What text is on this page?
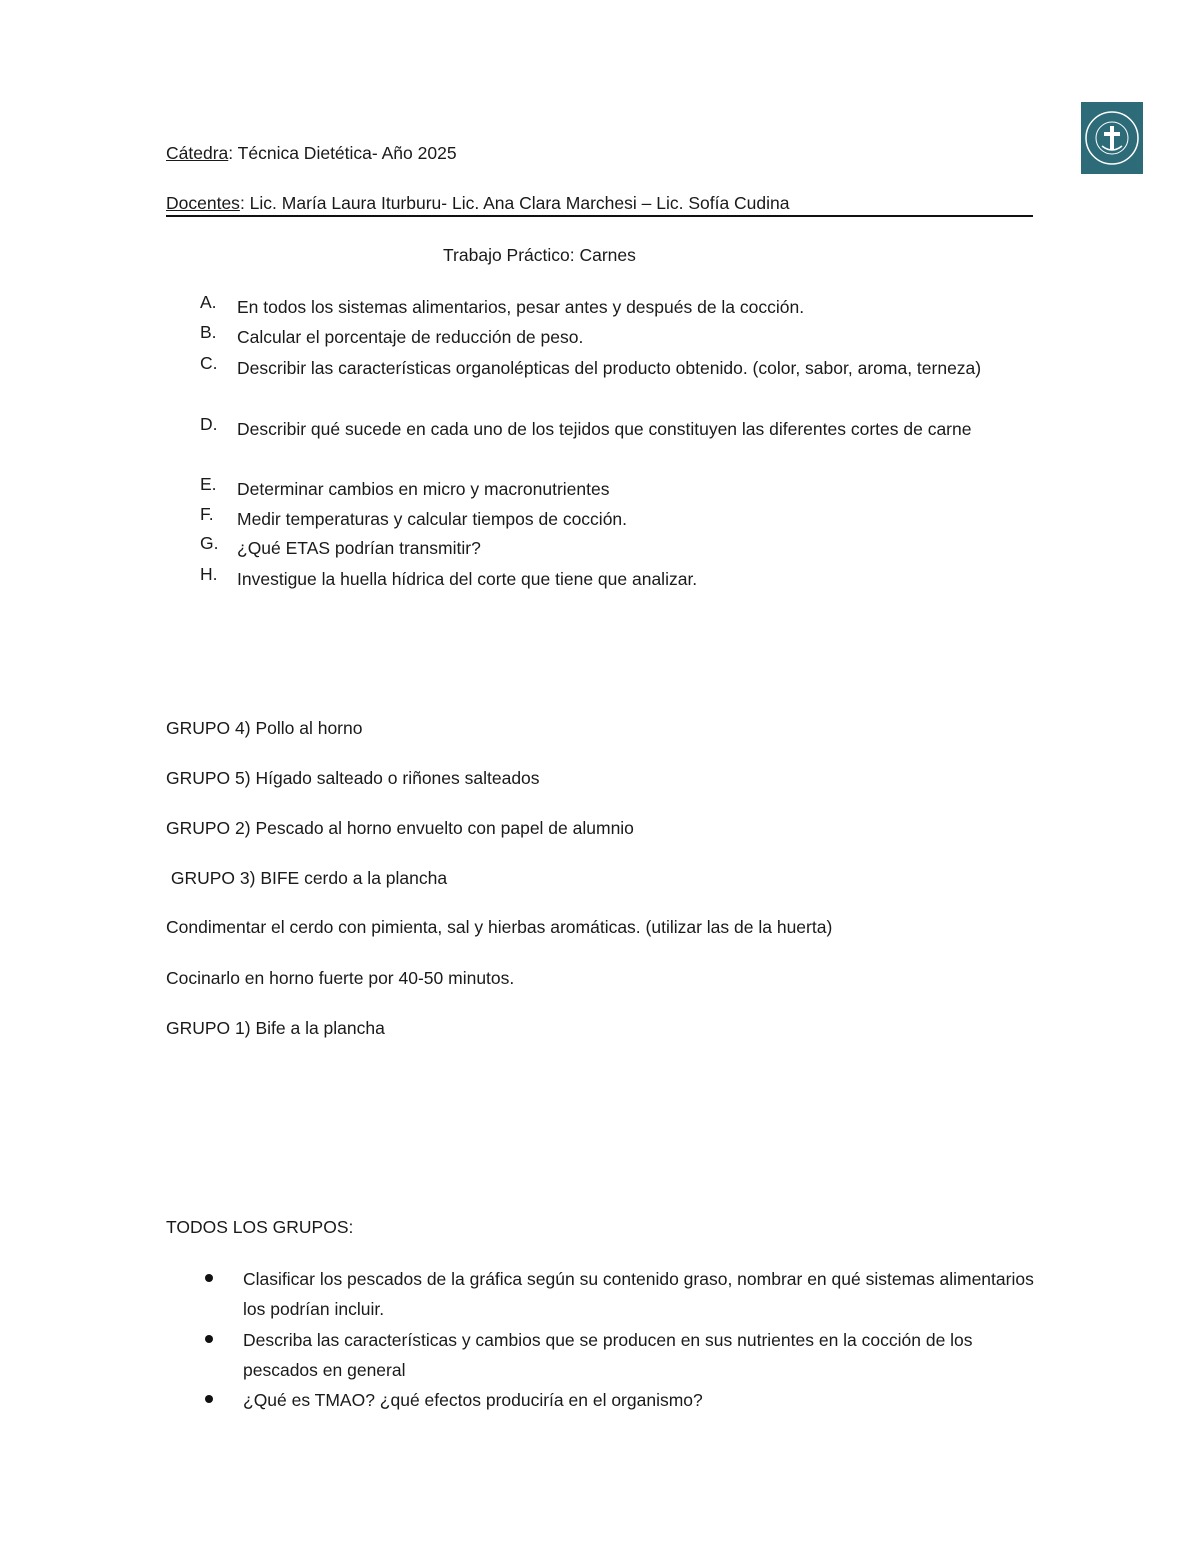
Cátedra: Técnica Dietética- Año 2025
Docentes: Lic. María Laura Iturburu- Lic. Ana Clara Marchesi – Lic. Sofía Cudina
Trabajo Práctico: Carnes
A. En todos los sistemas alimentarios, pesar antes y después de la cocción.
B. Calcular el porcentaje de reducción de peso.
C. Describir las características organolépticas del producto obtenido. (color, sabor, aroma, terneza)
D. Describir qué sucede en cada uno de los tejidos que constituyen las diferentes cortes de carne
E. Determinar cambios en micro y macronutrientes
F. Medir temperaturas y calcular tiempos de cocción.
G. ¿Qué ETAS podrían transmitir?
H. Investigue la huella hídrica del corte que tiene que analizar.
GRUPO 4) Pollo al horno
GRUPO 5) Hígado salteado o riñones salteados
GRUPO 2) Pescado al horno envuelto con papel de alumnio
GRUPO 3) BIFE cerdo a la plancha
Condimentar el cerdo con pimienta, sal y hierbas aromáticas. (utilizar las de la huerta)
Cocinarlo en horno fuerte por 40-50 minutos.
GRUPO 1) Bife a la plancha
TODOS LOS GRUPOS:
Clasificar los pescados de la gráfica según su contenido graso, nombrar en qué sistemas alimentarios los podrían incluir.
Describa las características y cambios que se producen en sus nutrientes en la cocción de los pescados en general
¿Qué es TMAO? ¿qué efectos produciría en el organismo?
